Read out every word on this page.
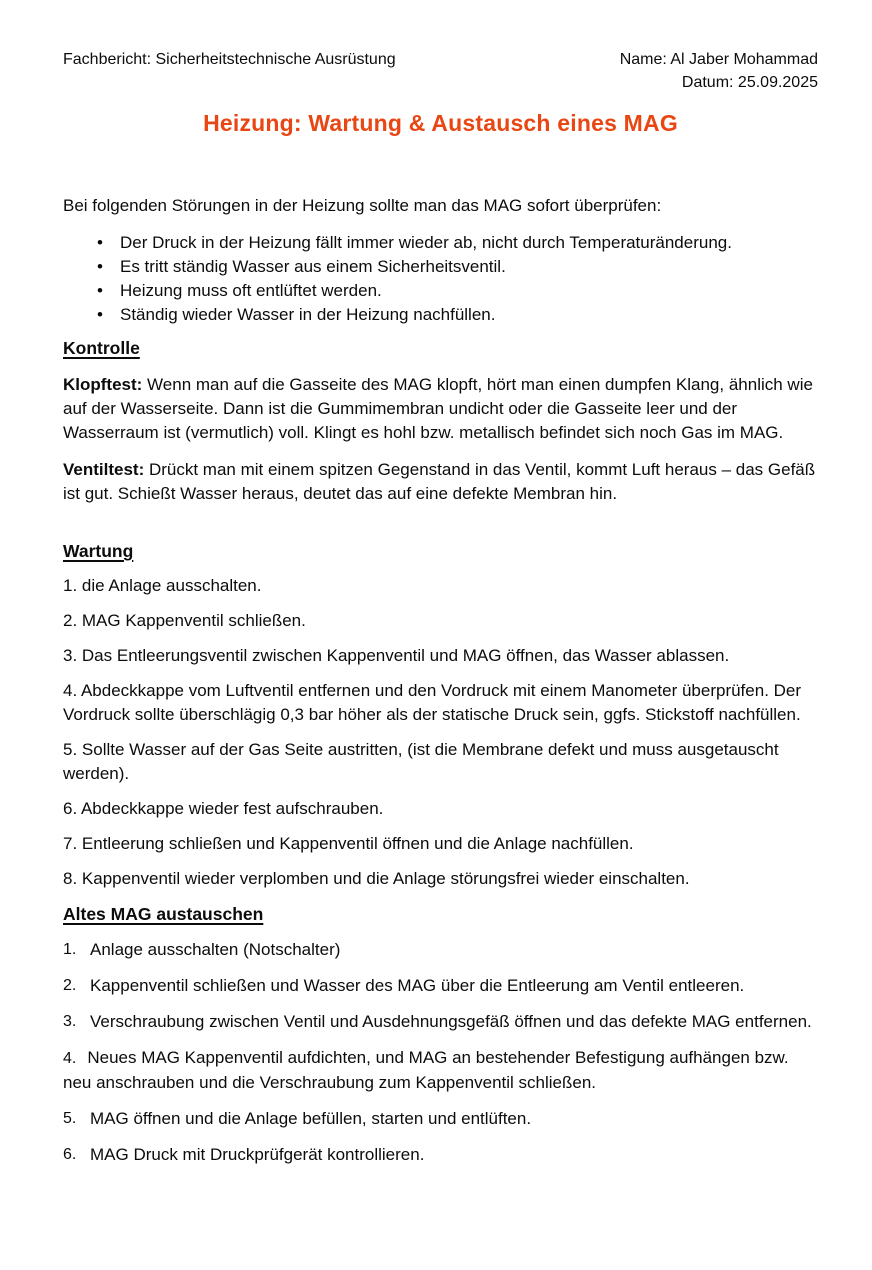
Fachbericht: Sicherheitstechnische Ausrüstung	Name: Al Jaber Mohammad
Datum: 25.09.2025
Heizung: Wartung & Austausch eines MAG

Bei folgenden Störungen in der Heizung sollte man das MAG sofort überprüfen:

• Der Druck in der Heizung fällt immer wieder ab, nicht durch Temperaturänderung.
• Es tritt ständig Wasser aus einem Sicherheitsventil.
• Heizung muss oft entlüftet werden.
• Ständig wieder Wasser in der Heizung nachfüllen.
Kontrolle

Klopftest: Wenn man auf die Gasseite des MAG klopft, hört man einen dumpfen Klang, ähnlich wie auf der Wasserseite. Dann ist die Gummimembran undicht oder die Gasseite leer und der Wasserraum ist (vermutlich) voll. Klingt es hohl bzw. metallisch befindet sich noch Gas im MAG.

Ventiltest: Drückt man mit einem spitzen Gegenstand in das Ventil, kommt Luft heraus – das Gefäß ist gut. Schießt Wasser heraus, deutet das auf eine defekte Membran hin.

Wartung

1. die Anlage ausschalten.

2. MAG Kappenventil schließen.

3. Das Entleerungsventil zwischen Kappenventil und MAG öffnen, das Wasser ablassen.

4. Abdeckkappe vom Luftventil entfernen und den Vordruck mit einem Manometer überprüfen. Der Vordruck sollte überschlägig 0,3 bar höher als der statische Druck sein, ggfs. Stickstoff nachfüllen.

5. Sollte Wasser auf der Gas Seite austritten, (ist die Membrane defekt und muss ausgetauscht werden).

6. Abdeckkappe wieder fest aufschrauben.

7. Entleerung schließen und Kappenventil öffnen und die Anlage nachfüllen.

8. Kappenventil wieder verplomben und die Anlage störungsfrei wieder einschalten.

Altes MAG austauschen
1. Anlage ausschalten (Notschalter)
2. Kappenventil schließen und Wasser des MAG über die Entleerung am Ventil entleeren.
3. Verschraubung zwischen Ventil und Ausdehnungsgefäß öffnen und das defekte MAG entfernen.

4. Neues MAG Kappenventil aufdichten, und MAG an bestehender Befestigung aufhängen bzw. neu anschrauben und die Verschraubung zum Kappenventil schließen.

5. MAG öffnen und die Anlage befüllen, starten und entlüften.
6. MAG Druck mit Druckprüfgerät kontrollieren.
